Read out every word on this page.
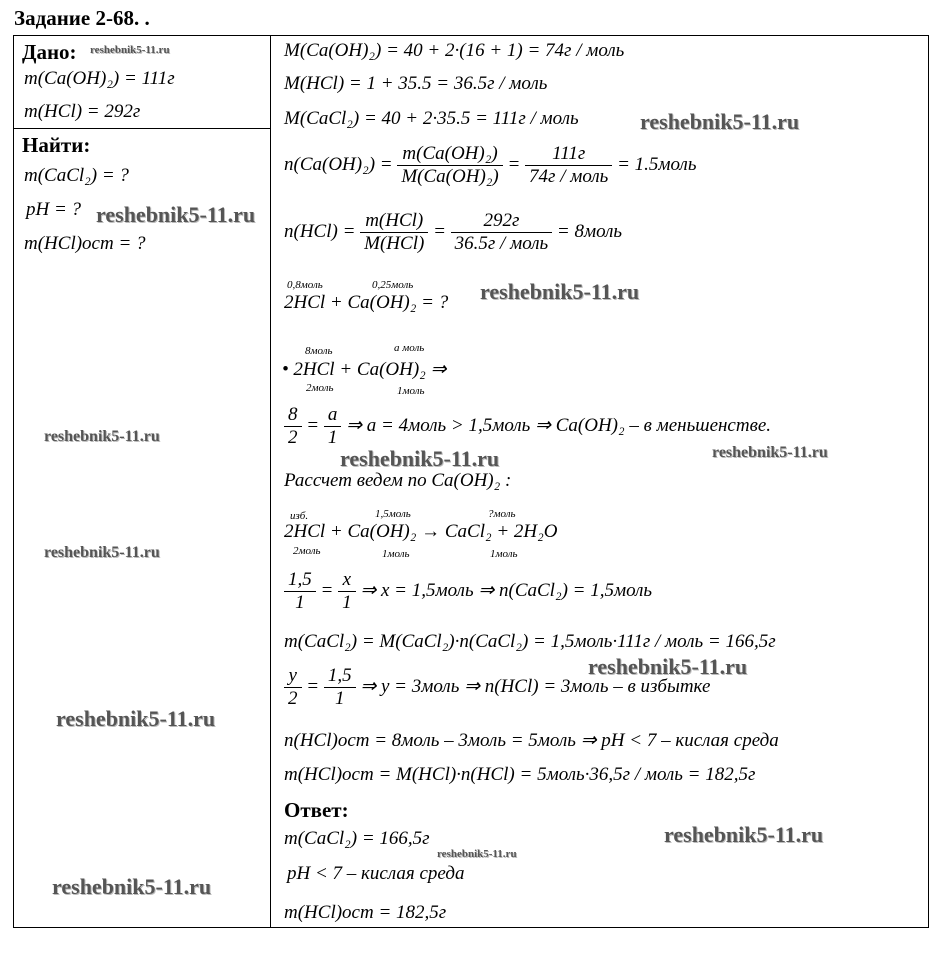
Задание 2-68. .
Дано:
m(Ca(OH)₂) = 111г
m(HCl) = 292г
Найти:
m(CaCl₂) = ?
pH = ?
m(HCl)ост = ?
M(Ca(OH)₂) = 40 + 2·(16 + 1) = 74г / моль
M(HCl) = 1 + 35.5 = 36.5г / моль
M(CaCl₂) = 40 + 2·35.5 = 111г / моль
$n(Ca(OH)_2) = \frac{\text{m(Ca(OH)₂)}}{\text{M(Ca(OH)₂)}} = \frac{111г}{\text{74г / моль}}$ = 1.5моль
$n(HCl) = \frac{\text{m(HCl)}}{\text{M(HCl)}} = \frac{292г}{\text{36.5г / моль}}$ = 8моль
0,8моль	0,25моль
2HCl + Ca(OH)₂ = ?
8моль	а моль
• 2HCl + Ca(OH)₂ ⇒
2моль	1моль
$\frac{8}{2} = \frac{a}{1}$ ⇒ a = 4моль > 1,5моль ⇒ Ca(OH)₂ – в меньшенстве.
Рассчет ведем по Ca(OH)₂ :
изб.	1,5моль	?моль
2HCl + Ca(OH)₂ → CaCl₂ + 2H₂O
2моль	1моль	1моль
$\frac{1,5}{1} = \frac{x}{1}$ ⇒ x = 1,5моль ⇒ n(CaCl₂) = 1,5моль
m(CaCl₂) = M(CaCl₂)·n(CaCl₂) = 1,5моль·111г / моль = 166,5г
$\frac{y}{2} = \frac{1,5}{1}$ ⇒ y = 3моль ⇒ n(HCl) = 3моль – в избытке
n(HCl)ост = 8моль – 3моль = 5моль ⇒ pH < 7 – кислая среда
m(HCl)ост = M(HCl)·n(HCl) = 5моль·36,5г / моль = 182,5г
Ответ:
m(CaCl₂) = 166,5г
pH < 7 – кислая среда
m(HCl)ост = 182,5г
reshebnik5-11.ru
reshebnik5-11.ru
reshebnik5-11.ru
reshebnik5-11.ru
reshebnik5-11.ru
reshebnik5-11.ru	reshebnik5-11.ru
reshebnik5-11.ru
reshebnik5-11.ru
reshebnik5-11.ru
reshebnik5-11.ru
reshebnik5-11.ru
reshebnik5-11.ru
